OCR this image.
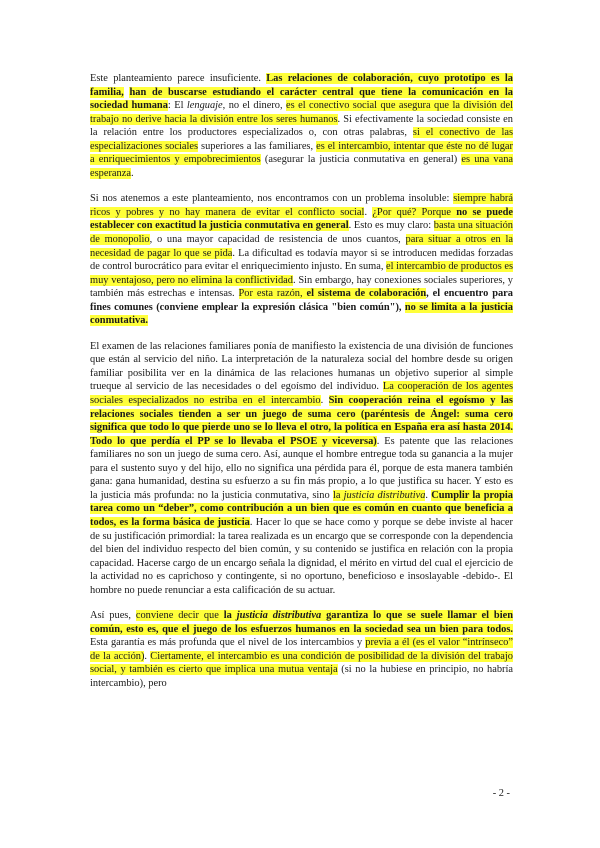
Este planteamiento parece insuficiente. Las relaciones de colaboración, cuyo prototipo es la familia, han de buscarse estudiando el carácter central que tiene la comunicación en la sociedad humana: El lenguaje, no el dinero, es el conectivo social que asegura que la división del trabajo no derive hacia la división entre los seres humanos. Si efectivamente la sociedad consiste en la relación entre los productores especializados o, con otras palabras, si el conectivo de las especializaciones sociales superiores a las familiares, es el intercambio, intentar que éste no dé lugar a enriquecimientos y empobrecimientos (asegurar la justicia conmutativa en general) es una vana esperanza.

Si nos atenemos a este planteamiento, nos encontramos con un problema insoluble: siempre habrá ricos y pobres y no hay manera de evitar el conflicto social. ¿Por qué? Porque no se puede establecer con exactitud la justicia conmutativa en general. Esto es muy claro: basta una situación de monopolio, o una mayor capacidad de resistencia de unos cuantos, para situar a otros en la necesidad de pagar lo que se pida. La dificultad es todavía mayor si se introducen medidas forzadas de control burocrático para evitar el enriquecimiento injusto. En suma, el intercambio de productos es muy ventajoso, pero no elimina la conflictividad. Sin embargo, hay conexiones sociales superiores, y también más estrechas e intensas. Por esta razón, el sistema de colaboración, el encuentro para fines comunes (conviene emplear la expresión clásica "bien común"), no se limita a la justicia conmutativa.

El examen de las relaciones familiares ponía de manifiesto la existencia de una división de funciones que están al servicio del niño. La interpretación de la naturaleza social del hombre desde su origen familiar posibilita ver en la dinámica de las relaciones humanas un objetivo superior al simple trueque al servicio de las necesidades o del egoísmo del individuo. La cooperación de los agentes sociales especializados no estriba en el intercambio. Sin cooperación reina el egoísmo y las relaciones sociales tienden a ser un juego de suma cero (paréntesis de Ángel: suma cero significa que todo lo que pierde uno se lo lleva el otro, la política en España era así hasta 2014. Todo lo que perdía el PP se lo llevaba el PSOE y viceversa). Es patente que las relaciones familiares no son un juego de suma cero. Así, aunque el hombre entregue toda su ganancia a la mujer para el sustento suyo y del hijo, ello no significa una pérdida para él, porque de esta manera también gana: gana humanidad, destina su esfuerzo a su fin más propio, a lo que justifica su hacer. Y esto es la justicia más profunda: no la justicia conmutativa, sino la justicia distributiva. Cumplir la propia tarea como un “deber”, como contribución a un bien que es común en cuanto que beneficia a todos, es la forma básica de justicia. Hacer lo que se hace como y porque se debe inviste al hacer de su justificación primordial: la tarea realizada es un encargo que se corresponde con la dependencia del bien del individuo respecto del bien común, y su contenido se justifica en relación con la propia capacidad. Hacerse cargo de un encargo señala la dignidad, el mérito en virtud del cual el ejercicio de la actividad no es caprichoso y contingente, si no oportuno, beneficioso e insoslayable -debido-. El hombre no puede renunciar a esta calificación de su actuar.

Así pues, conviene decir que la justicia distributiva garantiza lo que se suele llamar el bien común, esto es, que el juego de los esfuerzos humanos en la sociedad sea un bien para todos. Esta garantía es más profunda que el nivel de los intercambios y previa a él (es el valor “intrínseco” de la acción). Ciertamente, el intercambio es una condición de posibilidad de la división del trabajo social, y también es cierto que implica una mutua ventaja (si no la hubiese en principio, no habría intercambio), pero

- 2 -
